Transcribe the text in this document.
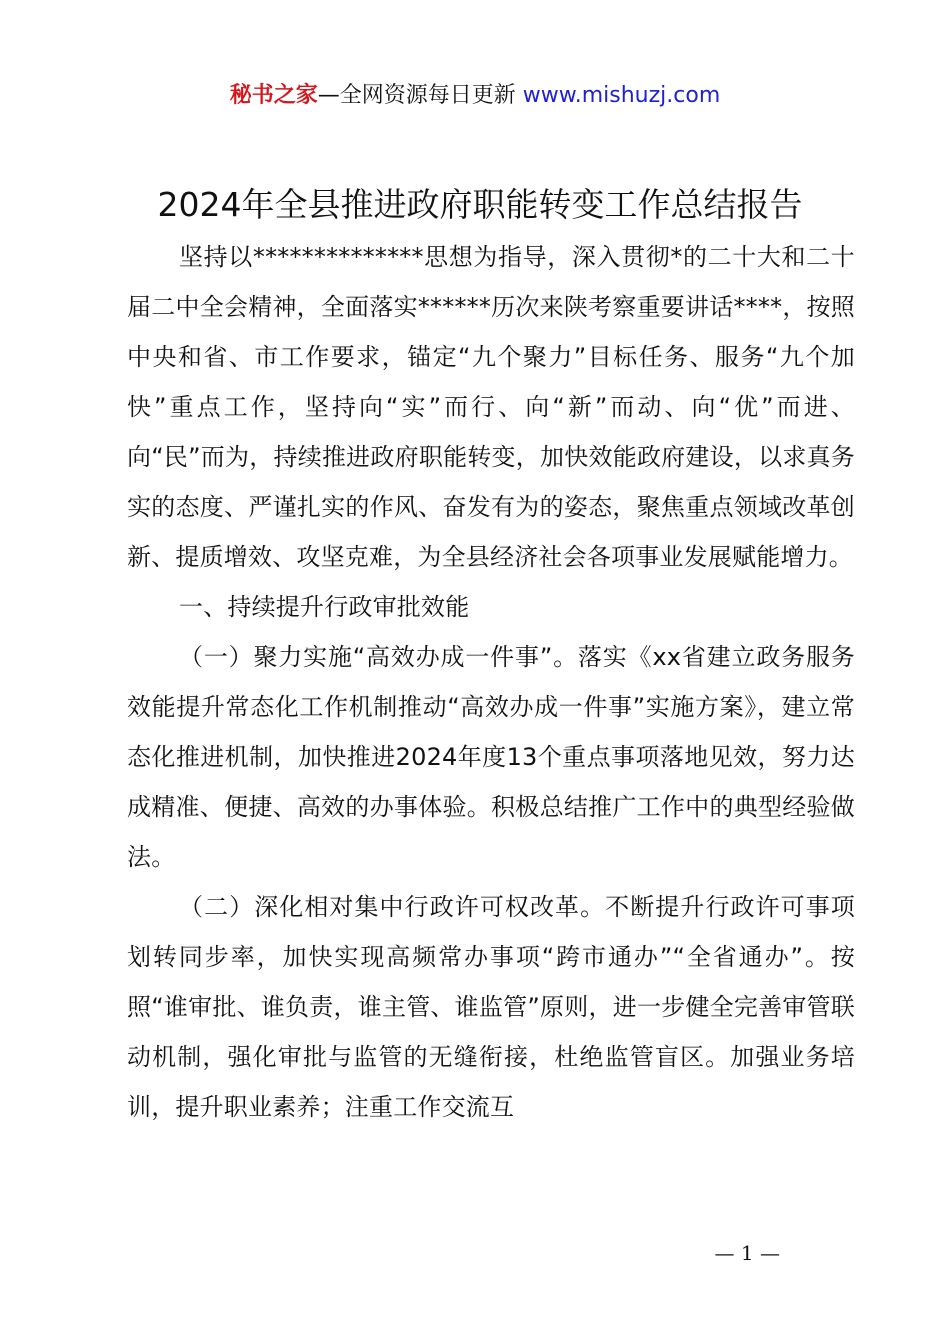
秘书之家—全网资源每日更新 www.mishuzj.com
2024年全县推进政府职能转变工作总结报告

坚持以**************思想为指导，深入贯彻*的二十大和二十届二中全会精神，全面落实******历次来陕考察重要讲话****，按照中央和省、市工作要求，锚定“九个聚力”目标任务、服务“九个加快”重点工作，坚持向“实”而行、向“新”而动、向“优”而进、向“民”而为，持续推进政府职能转变，加快效能政府建设，以求真务实的态度、严谨扎实的作风、奋发有为的姿态，聚焦重点领域改革创新、提质增效、攻坚克难，为全县经济社会各项事业发展赋能增力。

一、持续提升行政审批效能

（一）聚力实施“高效办成一件事”。落实《xx省建立政务服务效能提升常态化工作机制推动“高效办成一件事”实施方案》，建立常态化推进机制，加快推进2024年度13个重点事项落地见效，努力达成精准、便捷、高效的办事体验。积极总结推广工作中的典型经验做法。

（二）深化相对集中行政许可权改革。不断提升行政许可事项划转同步率，加快实现高频常办事项“跨市通办”“全省通办”。按照“谁审批、谁负责，谁主管、谁监管”原则，进一步健全完善审管联动机制，强化审批与监管的无缝衔接，杜绝监管盲区。加强业务培训，提升职业素养；注重工作交流互

— 1 —
